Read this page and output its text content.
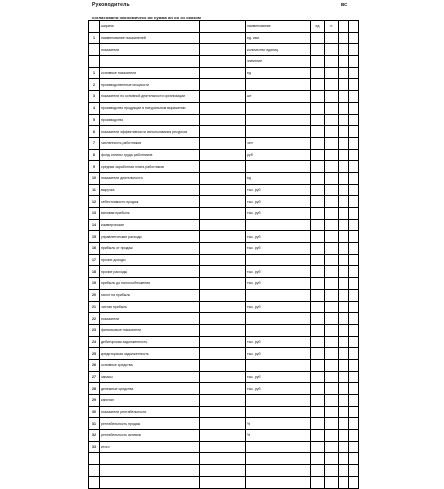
Руководитель	ВС
согласовано:экономическ ии сумма ан оо оз ококом
	ширина		наименование	ед	п		
1	наименование показателей		ед. изм.				
	показатели		количество единиц				
			значение				
1	основные показатели		ед				
2	производственные мощности						
3	показатели по основной деятельности организации		шт				
4	производство продукции в натуральном выражении						
5	производство						
6	показатели эффективности использования ресурсов						
7	численность работников		чел				
8	фонд оплаты труда работников		руб				
9	средняя заработная плата работников						
10	показатели деятельности		ед				
11	выручка		тыс. руб				
12	себестоимость продаж		тыс. руб				
13	валовая прибыль		тыс. руб				
14	коммерческие						
15	управленческие расходы		тыс. руб				
16	прибыль от продаж		тыс. руб				
17	прочие доходы						
18	прочие расходы		тыс. руб				
19	прибыль до налогообложения		тыс. руб				
20	налог на прибыль						
21	чистая прибыль		тыс. руб				
22	показатели						
23	финансовые показатели						
24	дебиторская задолженность		тыс. руб				
25	кредиторская задолженность		тыс. руб				
26	основные средства						
27	запасы		тыс. руб				
28	денежные средства		тыс. руб				
29	капитал						
30	показатели рентабельности						
31	рентабельность продаж		%				
32	рентабельность активов		%				
33	итого						
